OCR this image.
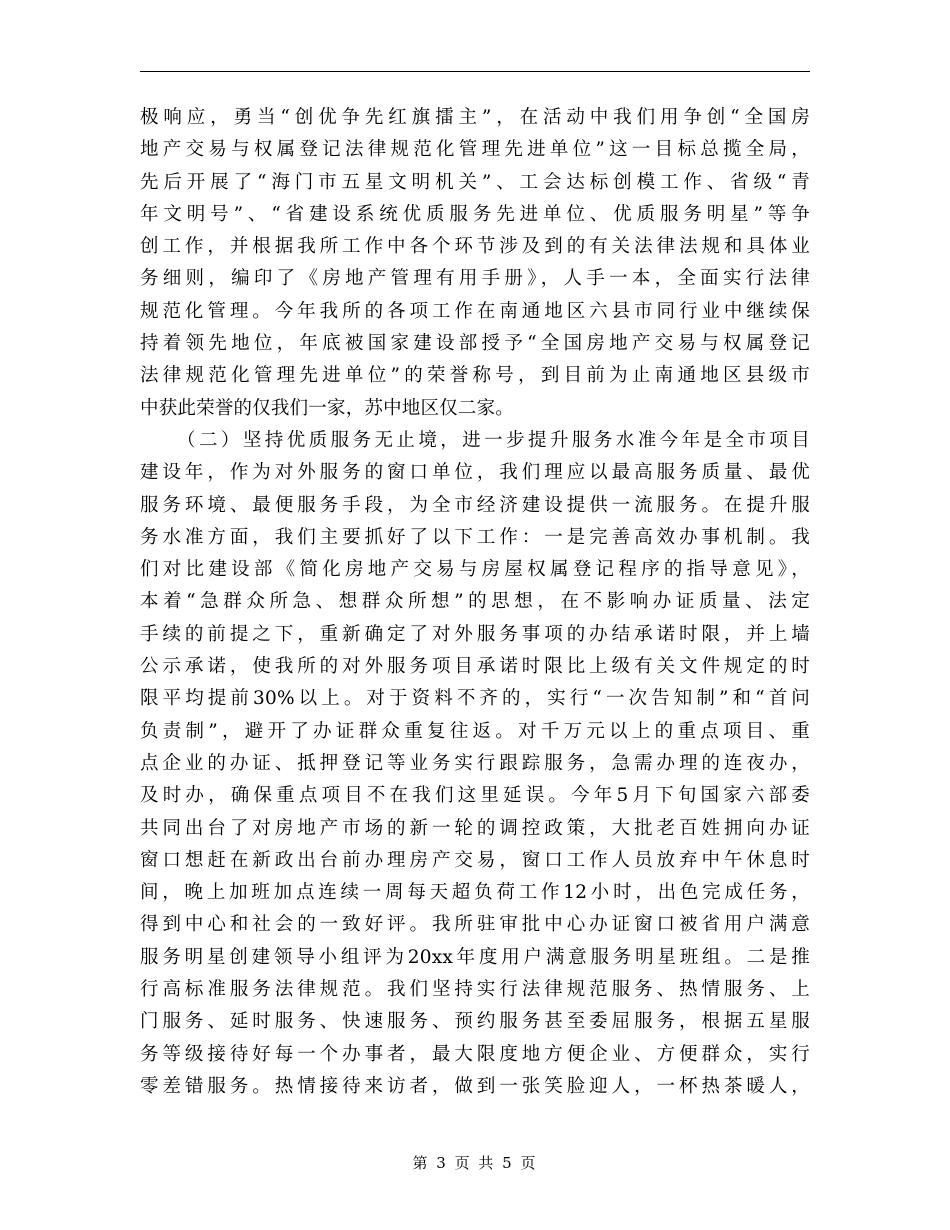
极响应，勇当“创优争先红旗擂主”，在活动中我们用争创“全国房
地产交易与权属登记法律规范化管理先进单位”这一目标总揽全局，
先后开展了“海门市五星文明机关”、工会达标创模工作、省级“青
年文明号”、“省建设系统优质服务先进单位、优质服务明星”等争
创工作，并根据我所工作中各个环节涉及到的有关法律法规和具体业
务细则，编印了《房地产管理有用手册》，人手一本，全面实行法律
规范化管理。今年我所的各项工作在南通地区六县市同行业中继续保
持着领先地位，年底被国家建设部授予“全国房地产交易与权属登记
法律规范化管理先进单位”的荣誉称号，到目前为止南通地区县级市
中获此荣誉的仅我们一家，苏中地区仅二家。
（二）坚持优质服务无止境，进一步提升服务水准今年是全市项目
建设年，作为对外服务的窗口单位，我们理应以最高服务质量、最优
服务环境、最便服务手段，为全市经济建设提供一流服务。在提升服
务水准方面，我们主要抓好了以下工作：一是完善高效办事机制。我
们对比建设部《简化房地产交易与房屋权属登记程序的指导意见》，
本着“急群众所急、想群众所想”的思想，在不影响办证质量、法定
手续的前提之下，重新确定了对外服务事项的办结承诺时限，并上墙
公示承诺，使我所的对外服务项目承诺时限比上级有关文件规定的时
限平均提前30%以上。对于资料不齐的，实行“一次告知制”和“首问
负责制”，避开了办证群众重复往返。对千万元以上的重点项目、重
点企业的办证、抵押登记等业务实行跟踪服务，急需办理的连夜办，
及时办，确保重点项目不在我们这里延误。今年5月下旬国家六部委
共同出台了对房地产市场的新一轮的调控政策，大批老百姓拥向办证
窗口想赶在新政出台前办理房产交易，窗口工作人员放弃中午休息时
间，晚上加班加点连续一周每天超负荷工作12小时，出色完成任务，
得到中心和社会的一致好评。我所驻审批中心办证窗口被省用户满意
服务明星创建领导小组评为20xx年度用户满意服务明星班组。二是推
行高标准服务法律规范。我们坚持实行法律规范服务、热情服务、上
门服务、延时服务、快速服务、预约服务甚至委屈服务，根据五星服
务等级接待好每一个办事者，最大限度地方便企业、方便群众，实行
零差错服务。热情接待来访者，做到一张笑脸迎人，一杯热茶暖人，
第 3 页 共 5 页
